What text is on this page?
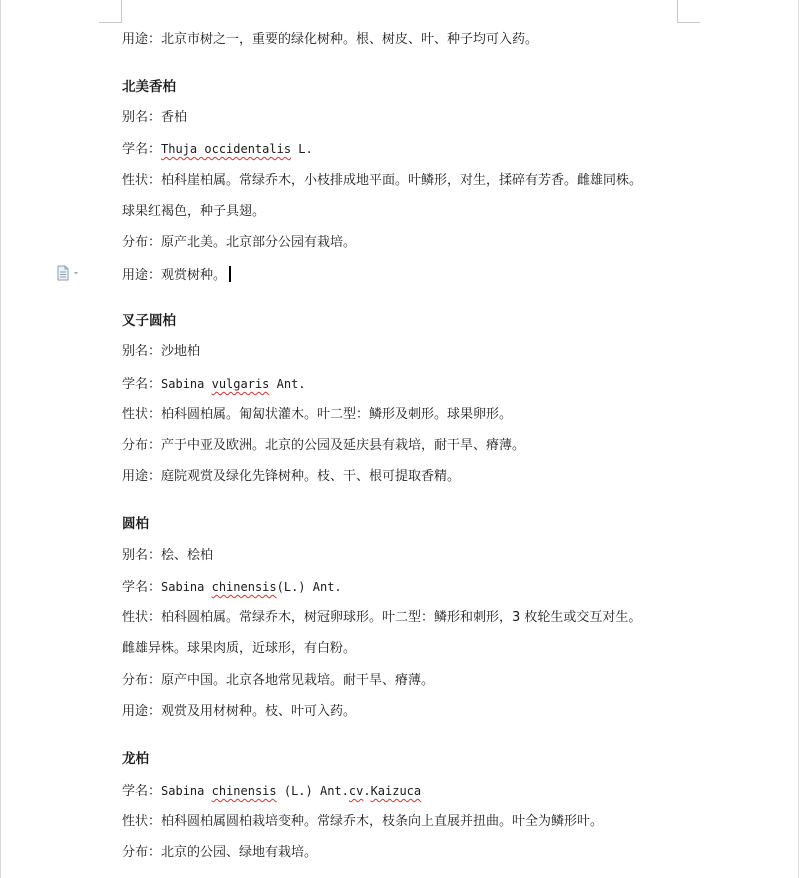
用途：北京市树之一，重要的绿化树种。根、树皮、叶、种子均可入药。
北美香柏
别名：香柏
学名：Thuja occidentalis L.
性状：柏科崖柏属。常绿乔木，小枝排成地平面。叶鳞形，对生，揉碎有芳香。雌雄同株。
球果红褐色，种子具翅。
分布：原产北美。北京部分公园有栽培。
用途：观赏树种。
叉子圆柏
别名：沙地柏
学名：Sabina vulgaris Ant.
性状：柏科圆柏属。匍匐状灌木。叶二型：鳞形及刺形。球果卵形。
分布：产于中亚及欧洲。北京的公园及延庆县有栽培，耐干旱、瘠薄。
用途：庭院观赏及绿化先锋树种。枝、干、根可提取香精。
圆柏
别名：桧、桧柏
学名：Sabina chinensis(L.) Ant.
性状：柏科圆柏属。常绿乔木，树冠卵球形。叶二型：鳞形和刺形，3 枚轮生或交互对生。
雌雄异株。球果肉质，近球形，有白粉。
分布：原产中国。北京各地常见栽培。耐干旱、瘠薄。
用途：观赏及用材树种。枝、叶可入药。
龙柏
学名：Sabina chinensis (L.) Ant.cv.Kaizuca
性状：柏科圆柏属圆柏栽培变种。常绿乔木，枝条向上直展并扭曲。叶全为鳞形叶。
分布：北京的公园、绿地有栽培。
